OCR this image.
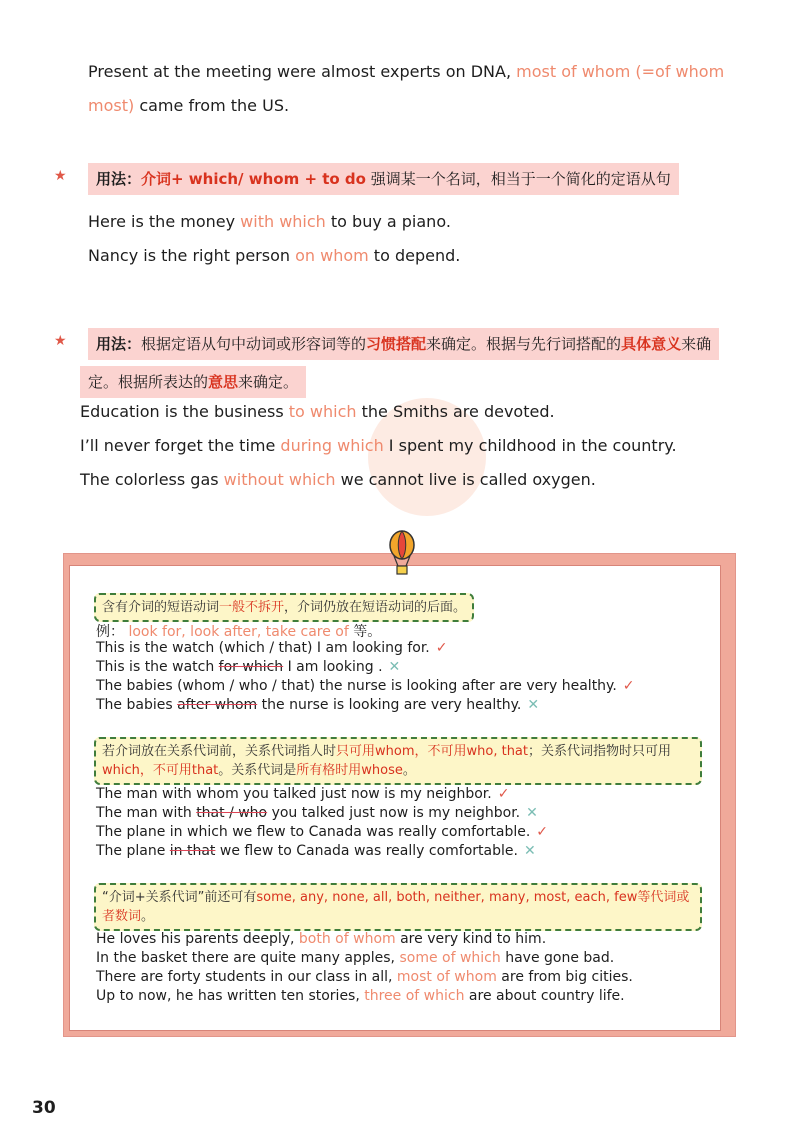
Present at the meeting were almost experts on DNA, most of whom (=of whom
most) came from the US.
★	用法：介词+ which/ whom + to do 强调某一个名词，相当于一个简化的定语从句
Here is the money with which to buy a piano.
Nancy is the right person on whom to depend.
★	用法：根据定语从句中动词或形容词等的习惯搭配来确定。根据与先行词搭配的具体意义来确
定。根据所表达的意思来确定。
Education is the business to which the Smiths are devoted.
I’ll never forget the time during which I spent my childhood in the country.
The colorless gas without which we cannot live is called oxygen.
含有介词的短语动词一般不拆开，介词仍放在短语动词的后面。
例： look for, look after, take care of 等。
This is the watch (which / that) I am looking for. ✓
This is the watch for which I am looking . ✕
The babies (whom / who / that) the nurse is looking after are very healthy. ✓
The babies after whom the nurse is looking are very healthy. ✕
若介词放在关系代词前，关系代词指人时只可用whom，不可用who, that；关系代词指物时只可用which，不可用that。关系代词是所有格时用whose。
The man with whom you talked just now is my neighbor. ✓
The man with that / who you talked just now is my neighbor. ✕
The plane in which we flew to Canada was really comfortable. ✓
The plane in that we flew to Canada was really comfortable. ✕
“介词+关系代词”前还可有some, any, none, all, both, neither, many, most, each, few等代词或者数词。
He loves his parents deeply, both of whom are very kind to him.
In the basket there are quite many apples, some of which have gone bad.
There are forty students in our class in all, most of whom are from big cities.
Up to now, he has written ten stories, three of which are about country life.
30
